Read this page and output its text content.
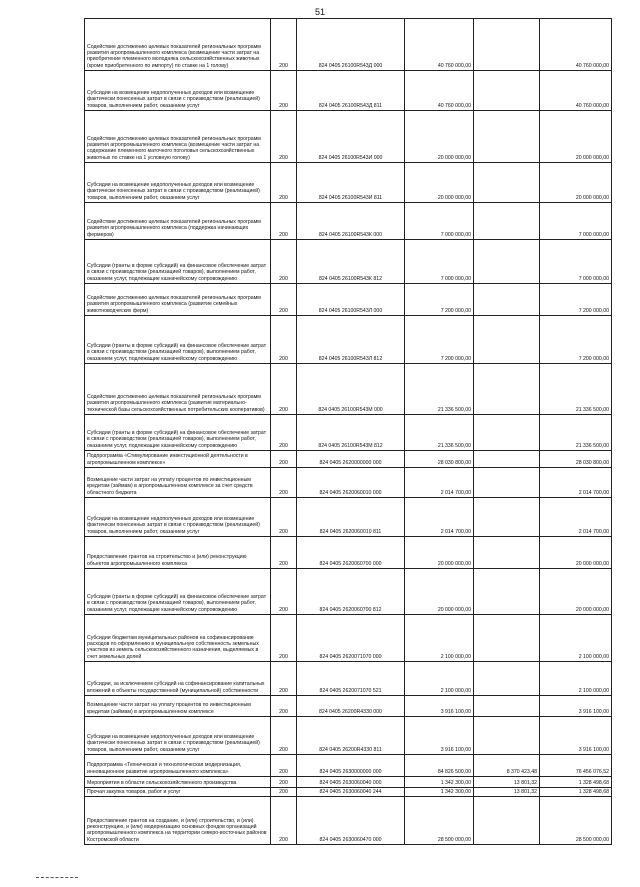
51
Содействие достижению целевых показателей региональных программ развития агропромышленного комплекса (возмещение части затрат на приобретение племенного молодняка сельскохозяйственных животных (кроме приобретенного по импорту) по ставке на 1 голову)	200	824 0405 26100R543Д 000	40 760 000,00		40 760 000,00
Субсидии на возмещение недополученных доходов или возмещение фактически понесенных затрат в связи с производством (реализацией) товаров, выполнением работ, оказанием услуг	200	824 0405 26100R543Д 811	40 760 000,00		40 760 000,00
Содействие достижению целевых показателей региональных программ развития агропромышленного комплекса (возмещение части затрат на содержание племенного маточного поголовья сельскохозяйственных животных по ставке на 1 условную голову)	200	824 0405 26100R543И 000	20 000 000,00		20 000 000,00
Субсидии на возмещение недополученных доходов или возмещение фактически понесенных затрат в связи с производством (реализацией) товаров, выполнением работ, оказанием услуг	200	824 0405 26100R543И 811	20 000 000,00		20 000 000,00
Содействие достижению целевых показателей региональных программ развития агропромышленного комплекса (поддержка начинающих фермеров)	200	824 0405 26100R543К 000	7 000 000,00		7 000 000,00
Субсидии (гранты в форме субсидий) на финансовое обеспечение затрат в связи с производством (реализацией товаров), выполнением работ, оказанием услуг, подлежащие казначейскому сопровождению	200	824 0405 26100R543К 812	7 000 000,00		7 000 000,00
Содействие достижению целевых показателей региональных программ развития агропромышленного комплекса (развитие семейных животноводческих ферм)	200	824 0405 26100R543Л 000	7 200 000,00		7 200 000,00
Субсидии (гранты в форме субсидий) на финансовое обеспечение затрат в связи с производством (реализацией товаров), выполнением работ, оказанием услуг, подлежащие казначейскому сопровождению	200	824 0405 26100R543Л 812	7 200 000,00		7 200 000,00
Содействие достижению целевых показателей региональных программ развития агропромышленного комплекса (развитие материально-технической базы сельскохозяйственных потребительских кооперативов)	200	824 0405 26100R543М 000	21 336 500,00		21 336 500,00
Субсидии (гранты в форме субсидий) на финансовое обеспечение затрат в связи с производством (реализацией товаров), выполнением работ, оказанием услуг, подлежащие казначейскому сопровождению	200	824 0405 26100R543М 812	21 336 500,00		21 336 500,00
Подпрограмма «Стимулирование инвестиционной деятельности в агропромышленном комплексе»	200	824 0405 2620000000 000	28 030 800,00		28 030 800,00
Возмещение части затрат на уплату процентов по инвестиционным кредитам (займам) в агропромышленном комплексе за счет средств областного бюджета	200	824 0405 2620060010 000	2 014 700,00		2 014 700,00
Субсидии на возмещение недополученных доходов или возмещение фактически понесенных затрат в связи с производством (реализацией) товаров, выполнением работ, оказанием услуг	200	824 0405 2620060010 811	2 014 700,00		2 014 700,00
Предоставление грантов на строительство и (или) реконструкцию объектов агропромышленного комплекса	200	824 0405 2620060700 000	20 000 000,00		20 000 000,00
Субсидии (гранты в форме субсидий) на финансовое обеспечение затрат в связи с производством (реализацией товаров), выполнением работ, оказанием услуг, подлежащие казначейскому сопровождению	200	824 0405 2620060700 812	20 000 000,00		20 000 000,00
Субсидии бюджетам муниципальных районов на софинансирование расходов по оформлению в муниципальную собственность земельных участков из земель сельскохозяйственного назначения, выделяемых в счет земельных долей	200	824 0405 2620071070 000	2 100 000,00		2 100 000,00
Субсидии, за исключением субсидий на софинансирование капитальных вложений в объекты государственной (муниципальной) собственности	200	824 0405 2620071070 521	2 100 000,00		2 100 000,00
Возмещение части затрат на уплату процентов по инвестиционным кредитам (займам) в агропромышленном комплексе	200	824 0405 26200R4330 000	3 916 100,00		3 916 100,00
Субсидии на возмещение недополученных доходов или возмещение фактически понесенных затрат в связи с производством (реализацией) товаров, выполнением работ, оказанием услуг	200	824 0405 26200R4330 811	3 916 100,00		3 916 100,00
Подпрограмма «Техническая и технологическая модернизация, инновационное развитие агропромышленного комплекса»	200	824 0405 2630000000 000	84 826 500,00	8 370 423,48	76 456 076,52
Мероприятия в области сельскохозяйственного производства	200	824 0405 2630060040 000	1 342 300,00	13 801,32	1 328 498,68
Прочая закупка товаров, работ и услуг	200	824 0405 2630060040 244	1 342 300,00	13 801,32	1 328 498,68
Предоставление грантов на создание, и (или) строительство, и (или) реконструкцию, и (или) модернизацию основных фондов организаций агропромышленного комплекса на территории северо-восточных районов Костромской области	200	824 0405 2630060470 000	28 500 000,00		28 500 000,00
